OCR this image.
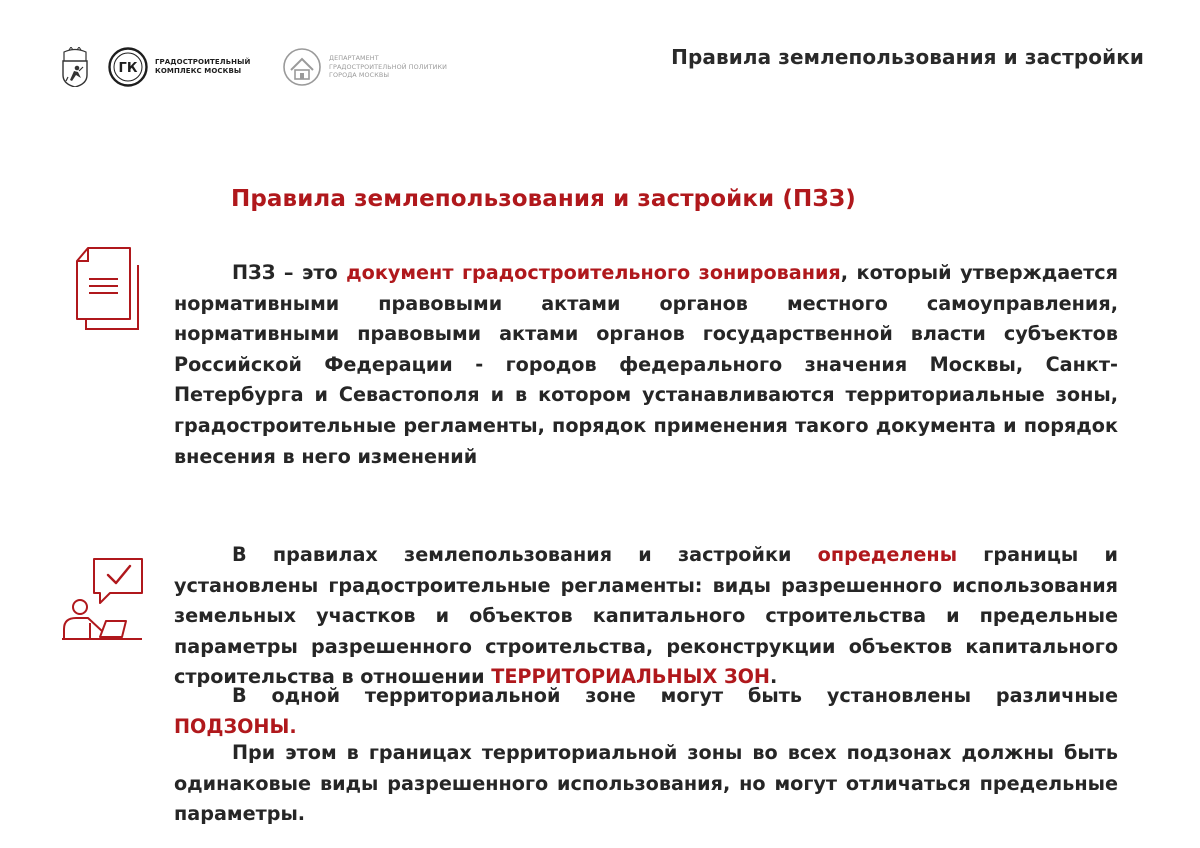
ГК	ГРАДОСТРОИТЕЛЬНЫЙ
КОМПЛЕКС МОСКВЫ
ДЕПАРТАМЕНТ
ГРАДОСТРОИТЕЛЬНОЙ ПОЛИТИКИ
ГОРОДА МОСКВЫ
Правила землепользования и застройки
Правила землепользования и застройки (ПЗЗ)

ПЗЗ – это документ градостроительного зонирования, который утверждается нормативными правовыми актами органов местного самоуправления, нормативными правовыми актами органов государственной власти субъектов Российской Федерации - городов федерального значения Москвы, Санкт-Петербурга и Севастополя и в котором устанавливаются территориальные зоны, градостроительные регламенты, порядок применения такого документа и порядок внесения в него изменений

В правилах землепользования и застройки определены границы и установлены градостроительные регламенты: виды разрешенного использования земельных участков и объектов капитального строительства и предельные параметры разрешенного строительства, реконструкции объектов капитального строительства в отношении ТЕРРИТОРИАЛЬНЫХ ЗОН.

В одной территориальной зоне могут быть установлены различные ПОДЗОНЫ.

При этом в границах территориальной зоны во всех подзонах должны быть одинаковые виды разрешенного использования, но могут отличаться предельные параметры.
